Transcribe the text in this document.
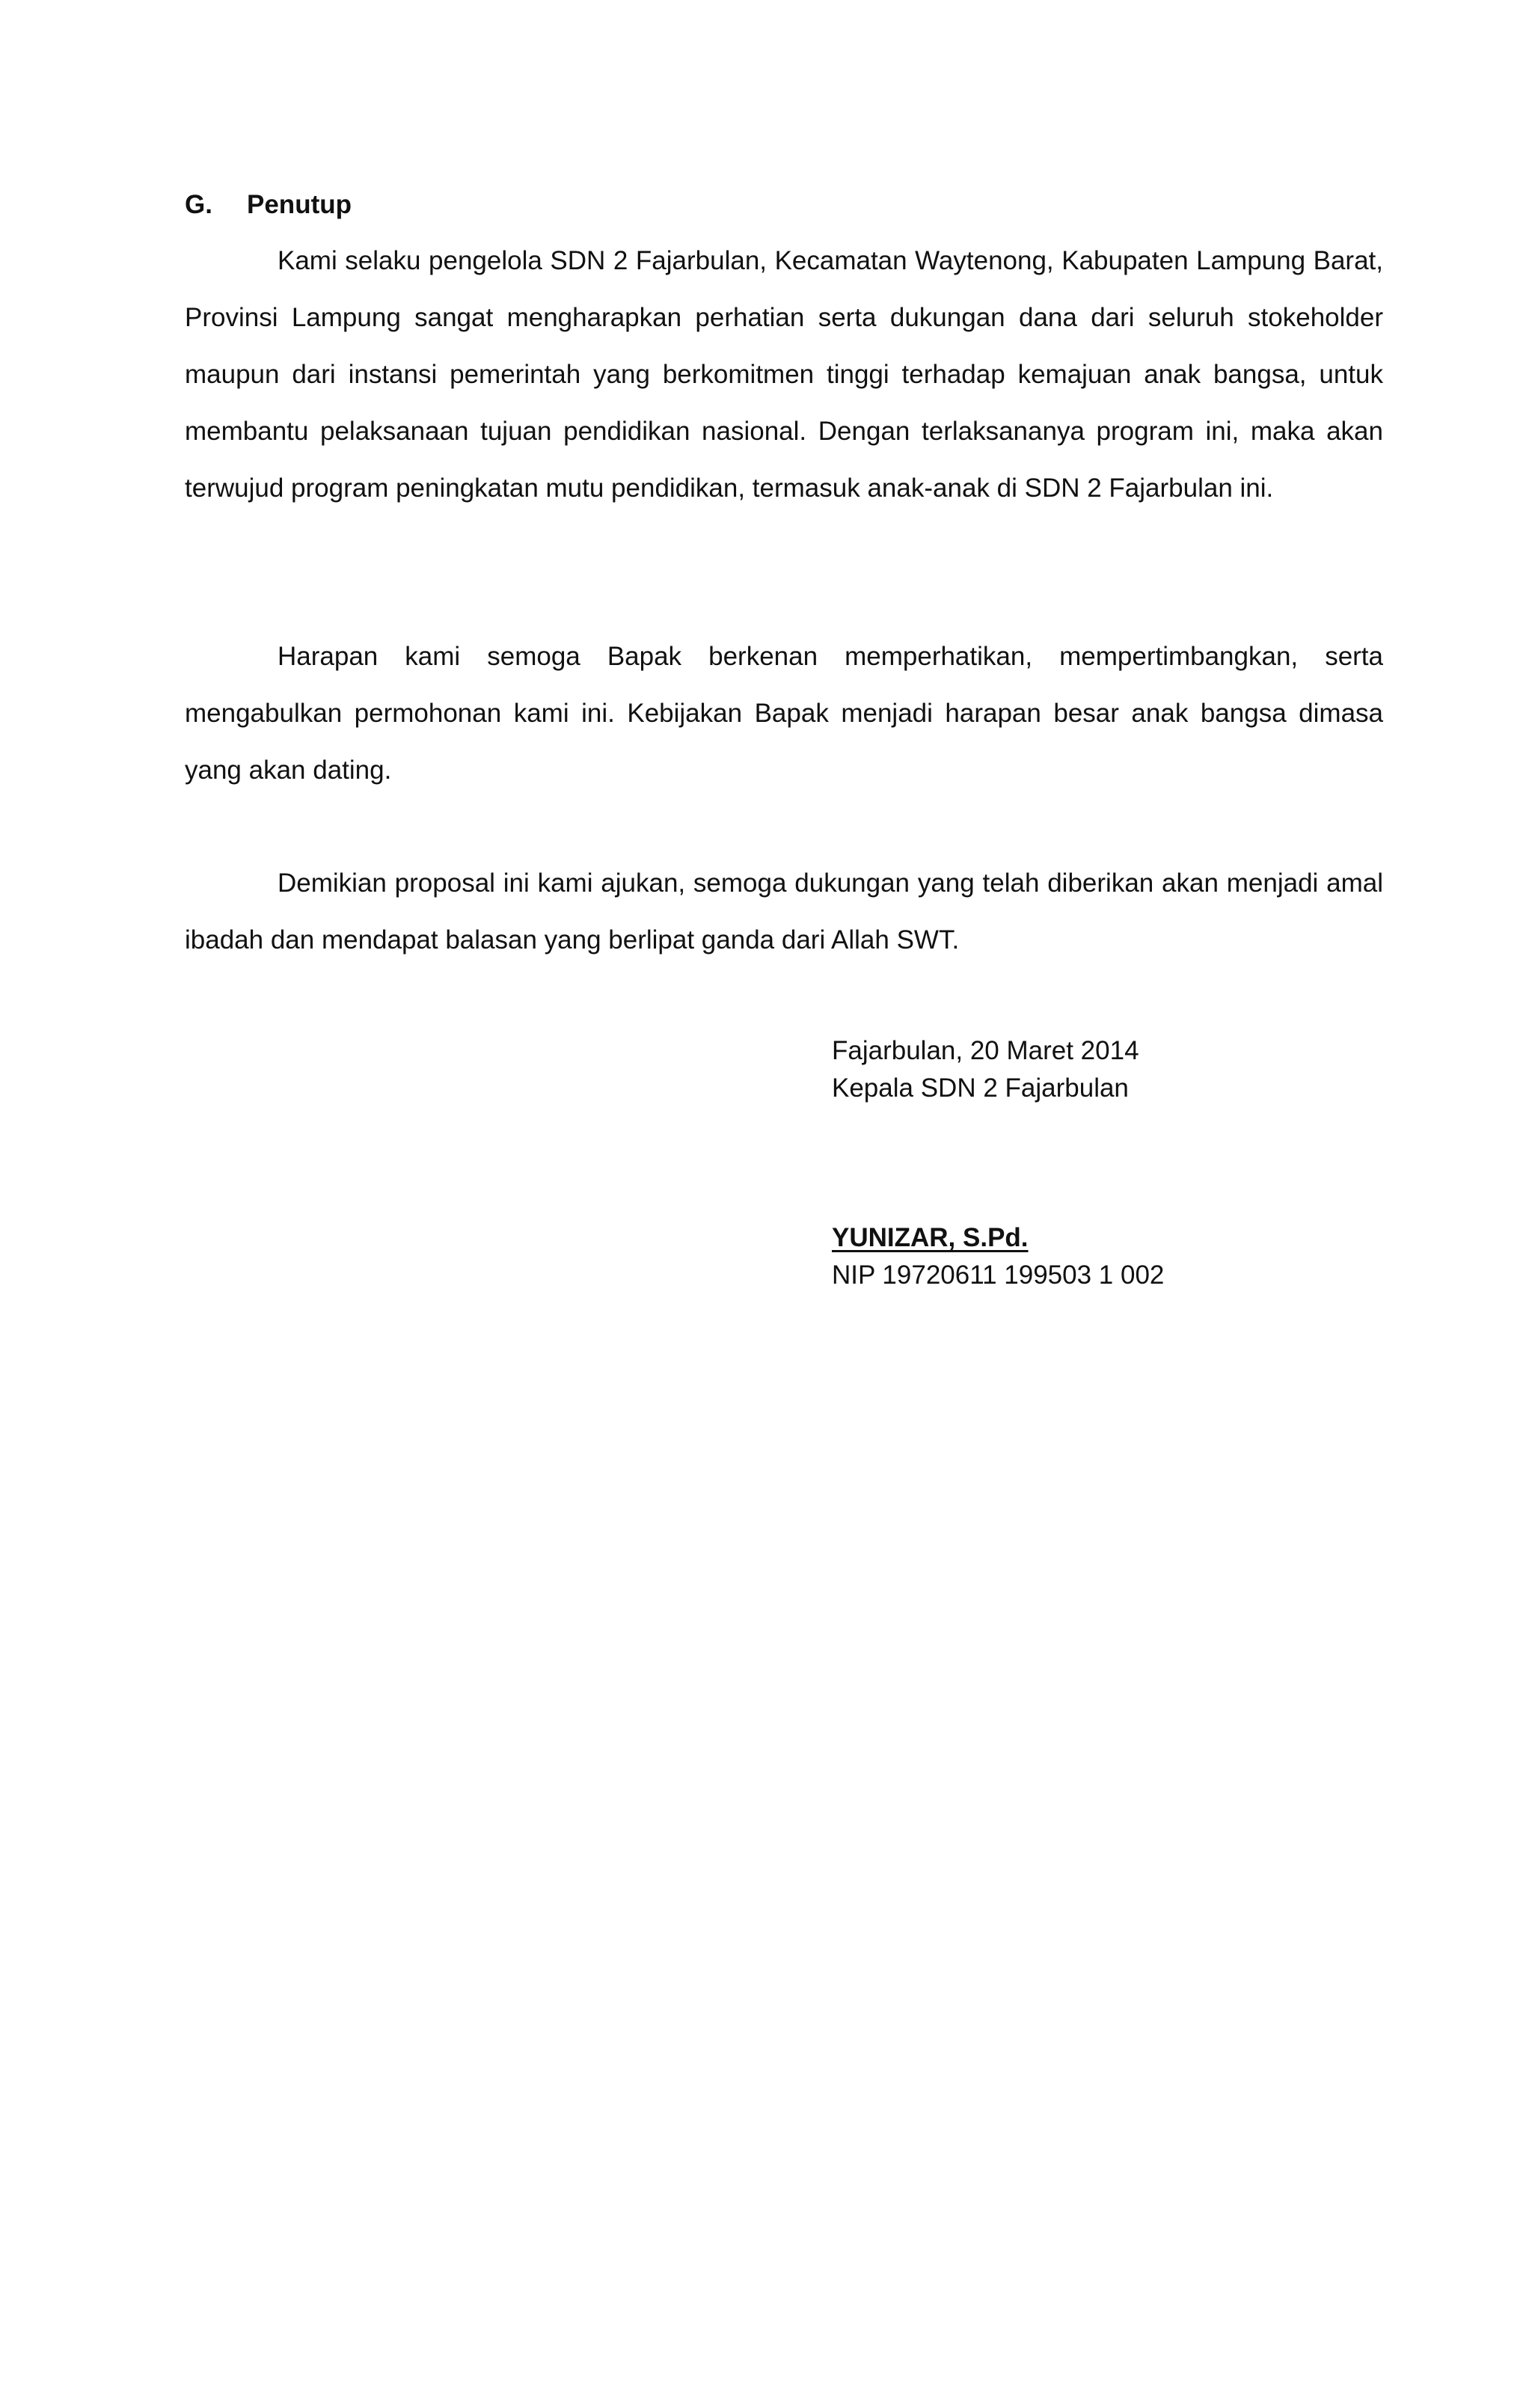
G. Penutup

Kami selaku pengelola SDN 2 Fajarbulan, Kecamatan Waytenong, Kabupaten Lampung Barat, Provinsi Lampung sangat mengharapkan perhatian serta dukungan dana dari seluruh stokeholder maupun dari instansi pemerintah yang berkomitmen tinggi terhadap kemajuan anak bangsa, untuk membantu pelaksanaan tujuan pendidikan nasional. Dengan terlaksananya program ini, maka akan terwujud program peningkatan mutu pendidikan, termasuk anak-anak di SDN 2 Fajarbulan ini.

Harapan kami semoga Bapak berkenan memperhatikan, mempertimbangkan, serta mengabulkan permohonan kami ini. Kebijakan Bapak menjadi harapan besar anak bangsa dimasa yang akan dating.

Demikian proposal ini kami ajukan, semoga dukungan yang telah diberikan akan menjadi amal ibadah dan mendapat balasan yang berlipat ganda dari Allah SWT.

Fajarbulan, 20 Maret 2014
Kepala SDN 2 Fajarbulan
YUNIZAR, S.Pd.
NIP 19720611 199503 1 002
